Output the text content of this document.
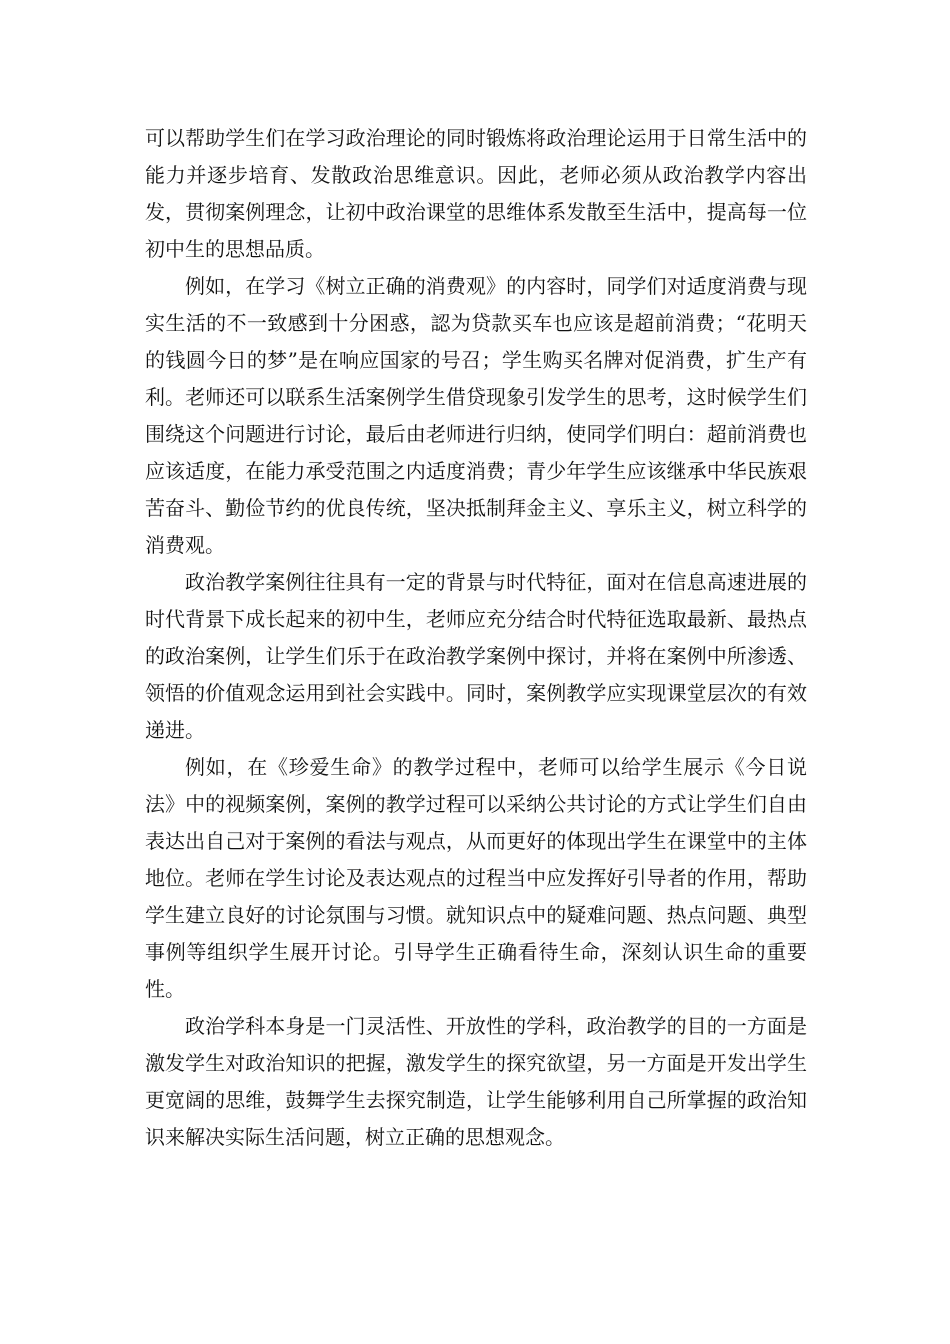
可以帮助学生们在学习政治理论的同时锻炼将政治理论运用于日常生活中的能力并逐步培育、发散政治思维意识。因此，老师必须从政治教学内容出发，贯彻案例理念，让初中政治课堂的思维体系发散至生活中，提高每一位初中生的思想品质。

例如，在学习《树立正确的消费观》的内容时，同学们对适度消费与现实生活的不一致感到十分困惑，認为贷款买车也应该是超前消费；“花明天的钱圆今日的梦”是在响应国家的号召；学生购买名牌对促消费，扩生产有利。老师还可以联系生活案例学生借贷现象引发学生的思考，这时候学生们围绕这个问题进行讨论，最后由老师进行归纳，使同学们明白：超前消费也应该适度，在能力承受范围之内适度消费；青少年学生应该继承中华民族艰苦奋斗、勤俭节约的优良传统，坚决抵制拜金主义、享乐主义，树立科学的消费观。

政治教学案例往往具有一定的背景与时代特征，面对在信息高速进展的时代背景下成长起来的初中生，老师应充分结合时代特征选取最新、最热点的政治案例，让学生们乐于在政治教学案例中探讨，并将在案例中所渗透、领悟的价值观念运用到社会实践中。同时，案例教学应实现课堂层次的有效递进。

例如，在《珍爱生命》的教学过程中，老师可以给学生展示《今日说法》中的视频案例，案例的教学过程可以采纳公共讨论的方式让学生们自由表达出自己对于案例的看法与观点，从而更好的体现出学生在课堂中的主体地位。老师在学生讨论及表达观点的过程当中应发挥好引导者的作用，帮助学生建立良好的讨论氛围与习惯。就知识点中的疑难问题、热点问题、典型事例等组织学生展开讨论。引导学生正确看待生命，深刻认识生命的重要性。

政治学科本身是一门灵活性、开放性的学科，政治教学的目的一方面是激发学生对政治知识的把握，激发学生的探究欲望，另一方面是开发出学生更宽阔的思维，鼓舞学生去探究制造，让学生能够利用自己所掌握的政治知识来解决实际生活问题，树立正确的思想观念。
